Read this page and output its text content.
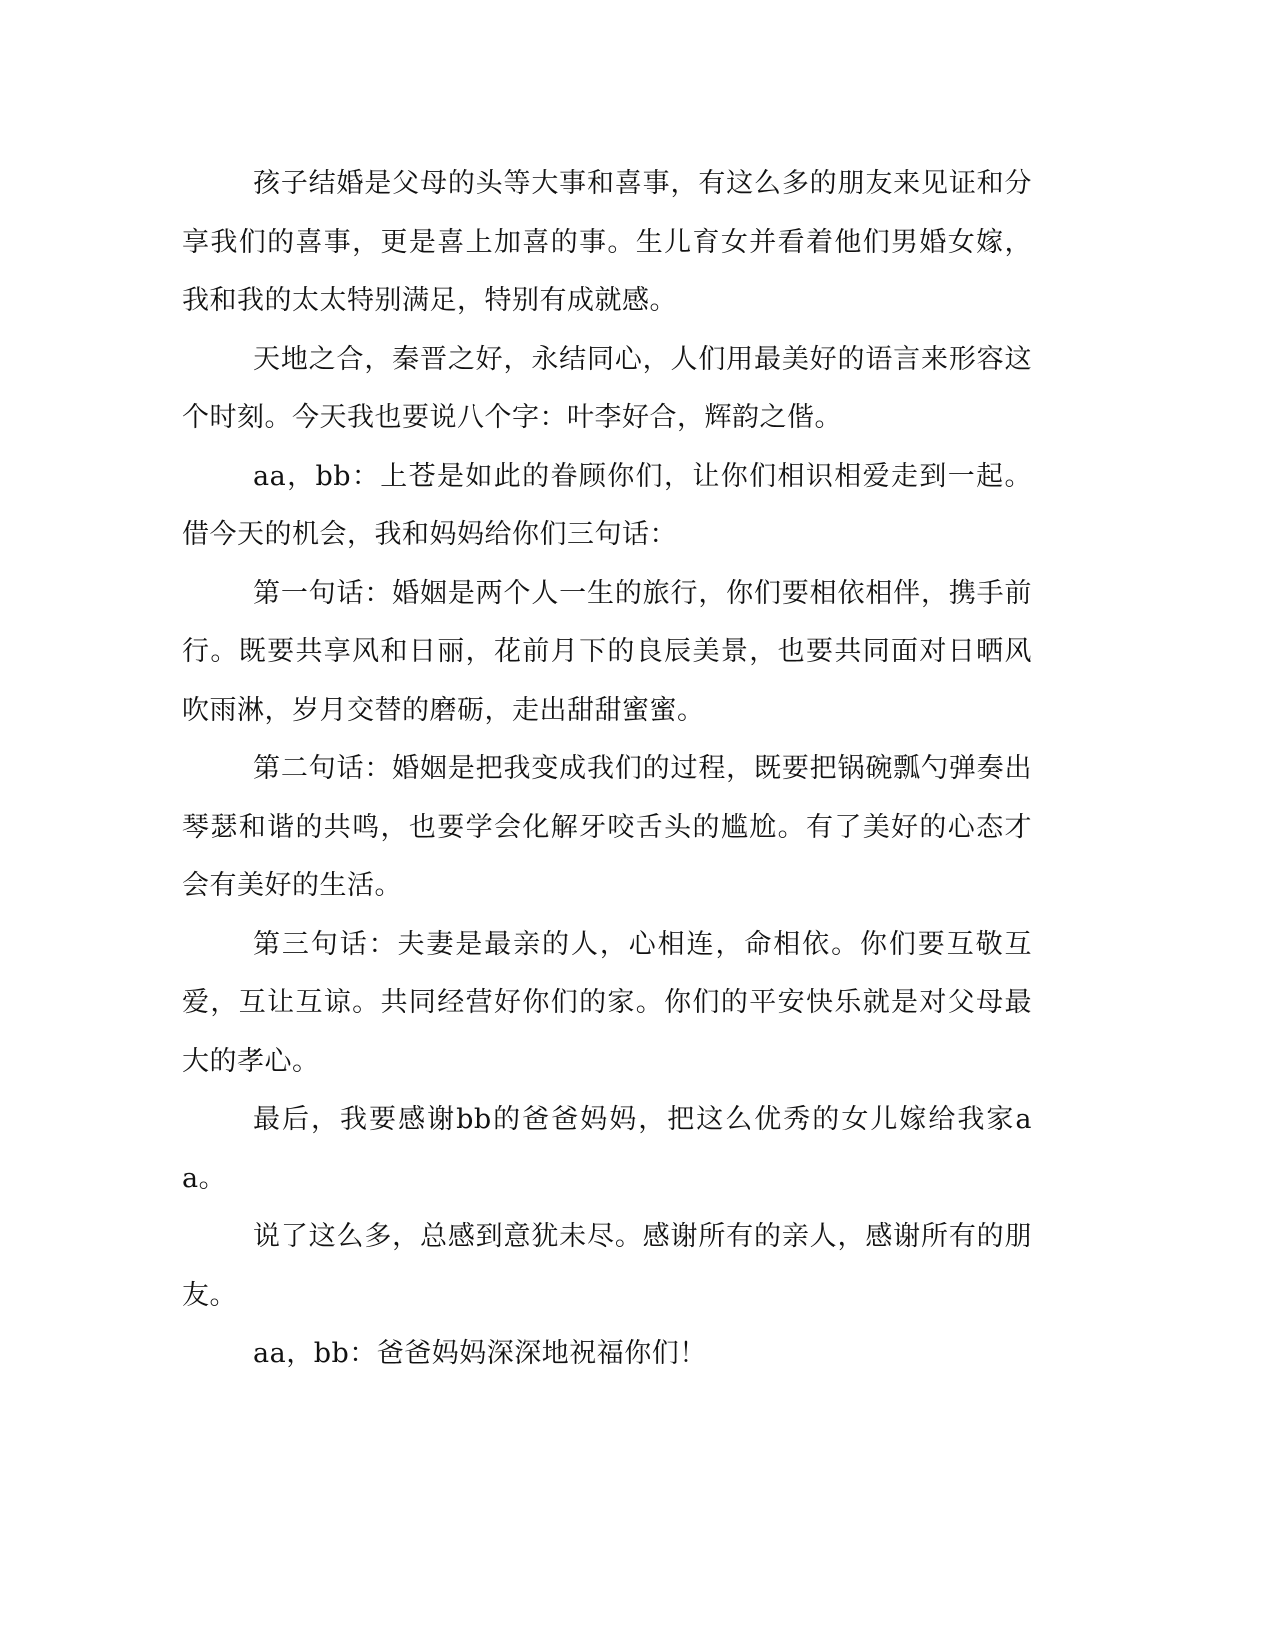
孩子结婚是父母的头等大事和喜事，有这么多的朋友来见证和分享我们的喜事，更是喜上加喜的事。生儿育女并看着他们男婚女嫁，我和我的太太特别满足，特别有成就感。

天地之合，秦晋之好，永结同心，人们用最美好的语言来形容这个时刻。今天我也要说八个字：叶李好合，辉韵之偕。

aa，bb：上苍是如此的眷顾你们，让你们相识相爱走到一起。借今天的机会，我和妈妈给你们三句话：

第一句话：婚姻是两个人一生的旅行，你们要相依相伴，携手前行。既要共享风和日丽，花前月下的良辰美景，也要共同面对日晒风吹雨淋，岁月交替的磨砺，走出甜甜蜜蜜。

第二句话：婚姻是把我变成我们的过程，既要把锅碗瓢勺弹奏出琴瑟和谐的共鸣，也要学会化解牙咬舌头的尴尬。有了美好的心态才会有美好的生活。

第三句话：夫妻是最亲的人，心相连，命相依。你们要互敬互爱，互让互谅。共同经营好你们的家。你们的平安快乐就是对父母最大的孝心。

最后，我要感谢bb的爸爸妈妈，把这么优秀的女儿嫁给我家aa。

说了这么多，总感到意犹未尽。感谢所有的亲人，感谢所有的朋友。

aa，bb：爸爸妈妈深深地祝福你们！
